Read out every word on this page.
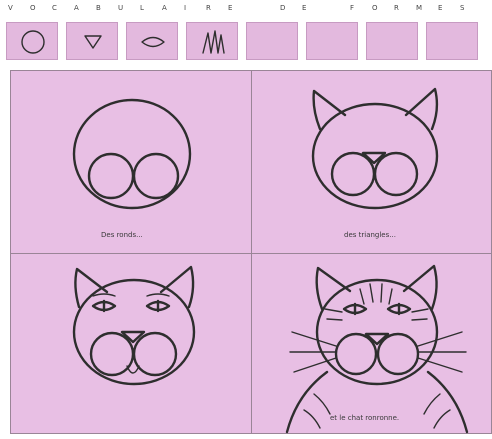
V O C A B U L	A I	R E	D E	F	O R M E	S
Des ronds...	des triangles...
et le chat ronronne.
